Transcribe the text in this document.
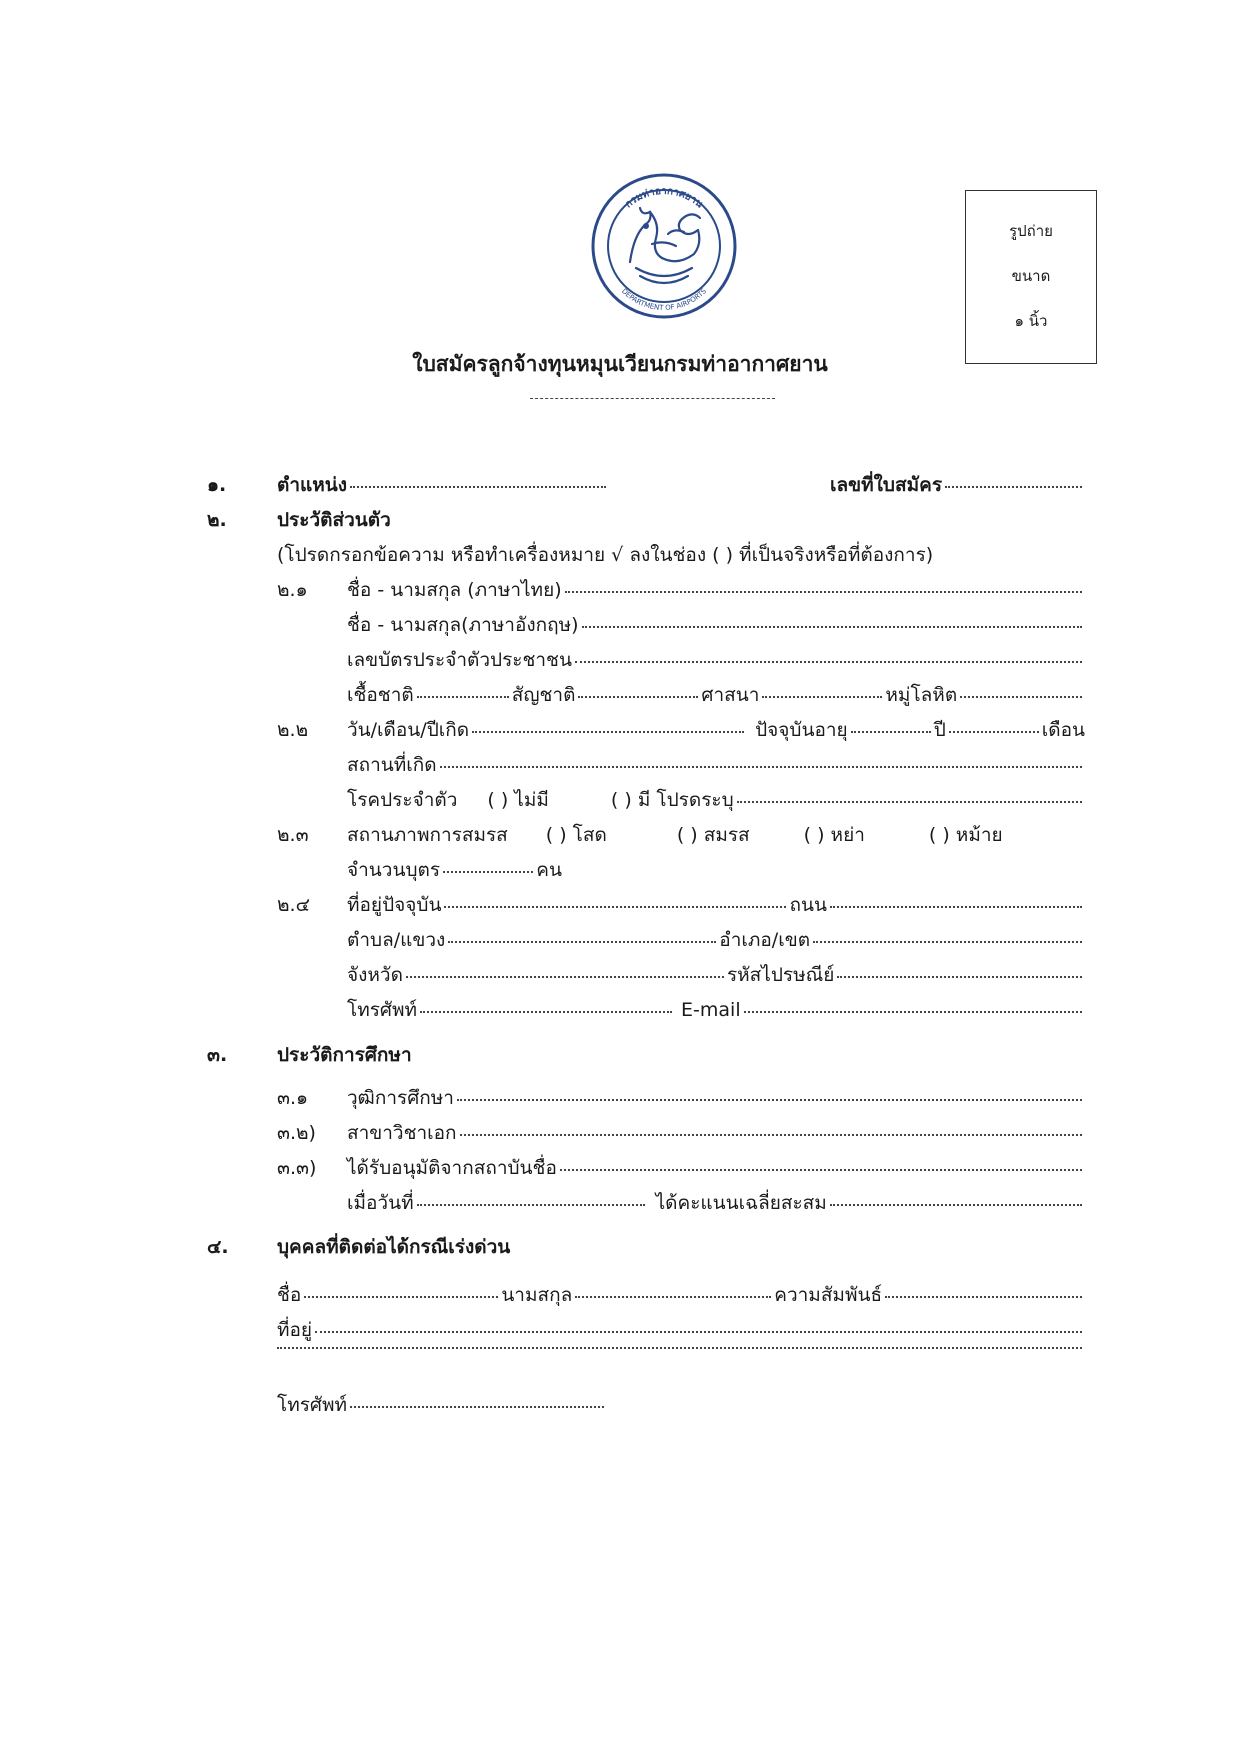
กรมท่าอากาศยาน
DEPARTMENT OF AIRPORTS
รูปถ่าย
ขนาด
๑ นิ้ว
ใบสมัครลูกจ้างทุนหมุนเวียนกรมท่าอากาศยาน
๑.	ตำแหน่ง	เลขที่ใบสมัคร
๒.	ประวัติส่วนตัว
(โปรดกรอกข้อความ หรือทำเครื่องหมาย √ ลงในช่อง ( ) ที่เป็นจริงหรือที่ต้องการ)
๒.๑ ชื่อ - นามสกุล (ภาษาไทย)
ชื่อ - นามสกุล(ภาษาอังกฤษ)
เลขบัตรประจำตัวประชาชน
เชื้อชาติ	สัญชาติ	ศาสนา	หมู่โลหิต
๒.๒ วัน/เดือน/ปีเกิด	ปัจจุบันอายุ	ปี	เดือน
สถานที่เกิด
โรคประจำตัว ( ) ไม่มี	( ) มี โปรดระบุ
๒.๓ สถานภาพการสมรส ( ) โสด	( ) สมรส	( ) หย่า	( ) หม้าย
จำนวนบุตร	คน
๒.๔ ที่อยู่ปัจจุบัน	ถนน
ตำบล/แขวง	อำเภอ/เขต
จังหวัด	รหัสไปรษณีย์
โทรศัพท์	E-mail
๓.	ประวัติการศึกษา
๓.๑ วุฒิการศึกษา
๓.๒) สาขาวิชาเอก
๓.๓) ได้รับอนุมัติจากสถาบันชื่อ
เมื่อวันที่	ได้คะแนนเฉลี่ยสะสม
๔.	บุคคลที่ติดต่อได้กรณีเร่งด่วน
ชื่อ	นามสกุล	ความสัมพันธ์
ที่อยู่
โทรศัพท์
